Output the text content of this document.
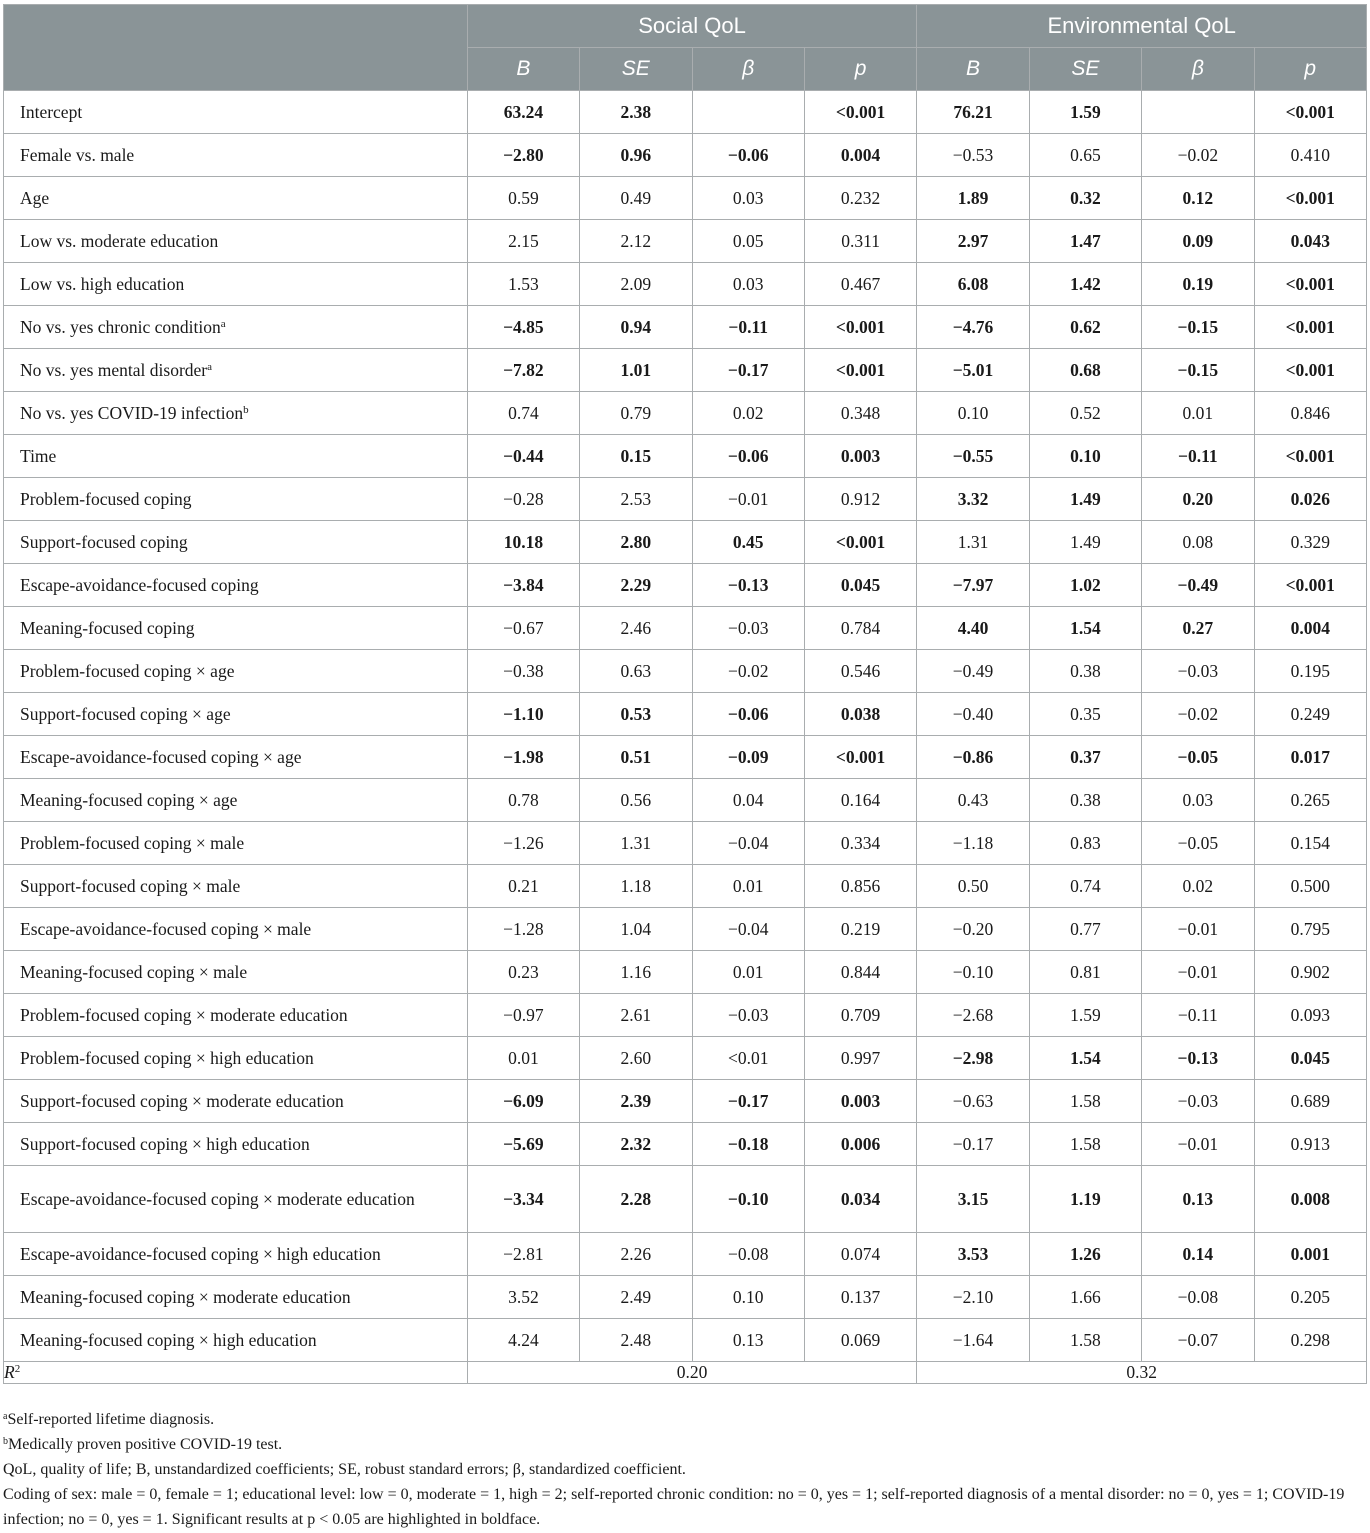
	Social QoL				Environmental QoL			
	B	SE	β	p	B	SE	β	p
Intercept	63.24	2.38		<0.001	76.21	1.59		<0.001
Female vs. male	−2.80	0.96	−0.06	0.004	−0.53	0.65	−0.02	0.410
Age	0.59	0.49	0.03	0.232	1.89	0.32	0.12	<0.001
Low vs. moderate education	2.15	2.12	0.05	0.311	2.97	1.47	0.09	0.043
Low vs. high education	1.53	2.09	0.03	0.467	6.08	1.42	0.19	<0.001
No vs. yes chronic condition$^a$	−4.85	0.94	−0.11	<0.001	−4.76	0.62	−0.15	<0.001
No vs. yes mental disorder$^a$	−7.82	1.01	−0.17	<0.001	−5.01	0.68	−0.15	<0.001
No vs. yes COVID-19 infection$^b$	0.74	0.79	0.02	0.348	0.10	0.52	0.01	0.846
Time	−0.44	0.15	−0.06	0.003	−0.55	0.10	−0.11	<0.001
Problem-focused coping	−0.28	2.53	−0.01	0.912	3.32	1.49	0.20	0.026
Support-focused coping	10.18	2.80	0.45	<0.001	1.31	1.49	0.08	0.329
Escape-avoidance-focused coping	−3.84	2.29	−0.13	0.045	−7.97	1.02	−0.49	<0.001
Meaning-focused coping	−0.67	2.46	−0.03	0.784	4.40	1.54	0.27	0.004
Problem-focused coping × age	−0.38	0.63	−0.02	0.546	−0.49	0.38	−0.03	0.195
Support-focused coping × age	−1.10	0.53	−0.06	0.038	−0.40	0.35	−0.02	0.249
Escape-avoidance-focused coping × age	−1.98	0.51	−0.09	<0.001	−0.86	0.37	−0.05	0.017
Meaning-focused coping × age	0.78	0.56	0.04	0.164	0.43	0.38	0.03	0.265
Problem-focused coping × male	−1.26	1.31	−0.04	0.334	−1.18	0.83	−0.05	0.154
Support-focused coping × male	0.21	1.18	0.01	0.856	0.50	0.74	0.02	0.500
Escape-avoidance-focused coping × male	−1.28	1.04	−0.04	0.219	−0.20	0.77	−0.01	0.795
Meaning-focused coping × male	0.23	1.16	0.01	0.844	−0.10	0.81	−0.01	0.902
Problem-focused coping × moderate education	−0.97	2.61	−0.03	0.709	−2.68	1.59	−0.11	0.093
Problem-focused coping × high education	0.01	2.60	<0.01	0.997	−2.98	1.54	−0.13	0.045
Support-focused coping × moderate education	−6.09	2.39	−0.17	0.003	−0.63	1.58	−0.03	0.689
Support-focused coping × high education	−5.69	2.32	−0.18	0.006	−0.17	1.58	−0.01	0.913
Escape-avoidance-focused coping × moderate education	−3.34	2.28	−0.10	0.034	3.15	1.19	0.13	0.008
Escape-avoidance-focused coping × high education	−2.81	2.26	−0.08	0.074	3.53	1.26	0.14	0.001
Meaning-focused coping × moderate education	3.52	2.49	0.10	0.137	−2.10	1.66	−0.08	0.205
Meaning-focused coping × high education	4.24	2.48	0.13	0.069	−1.64	1.58	−0.07	0.298
$R^2$	0.20				0.32			
$^a$Self-reported lifetime diagnosis.
$^b$Medically proven positive COVID-19 test.
QoL, quality of life; B, unstandardized coefficients; SE, robust standard errors; β, standardized coefficient.
Coding of sex: male = 0, female = 1; educational level: low = 0, moderate = 1, high = 2; self-reported chronic condition: no = 0, yes = 1; self-reported diagnosis of a mental disorder: no = 0, yes = 1; COVID-19 infection; no = 0, yes = 1. Significant results at p < 0.05 are highlighted in boldface.
